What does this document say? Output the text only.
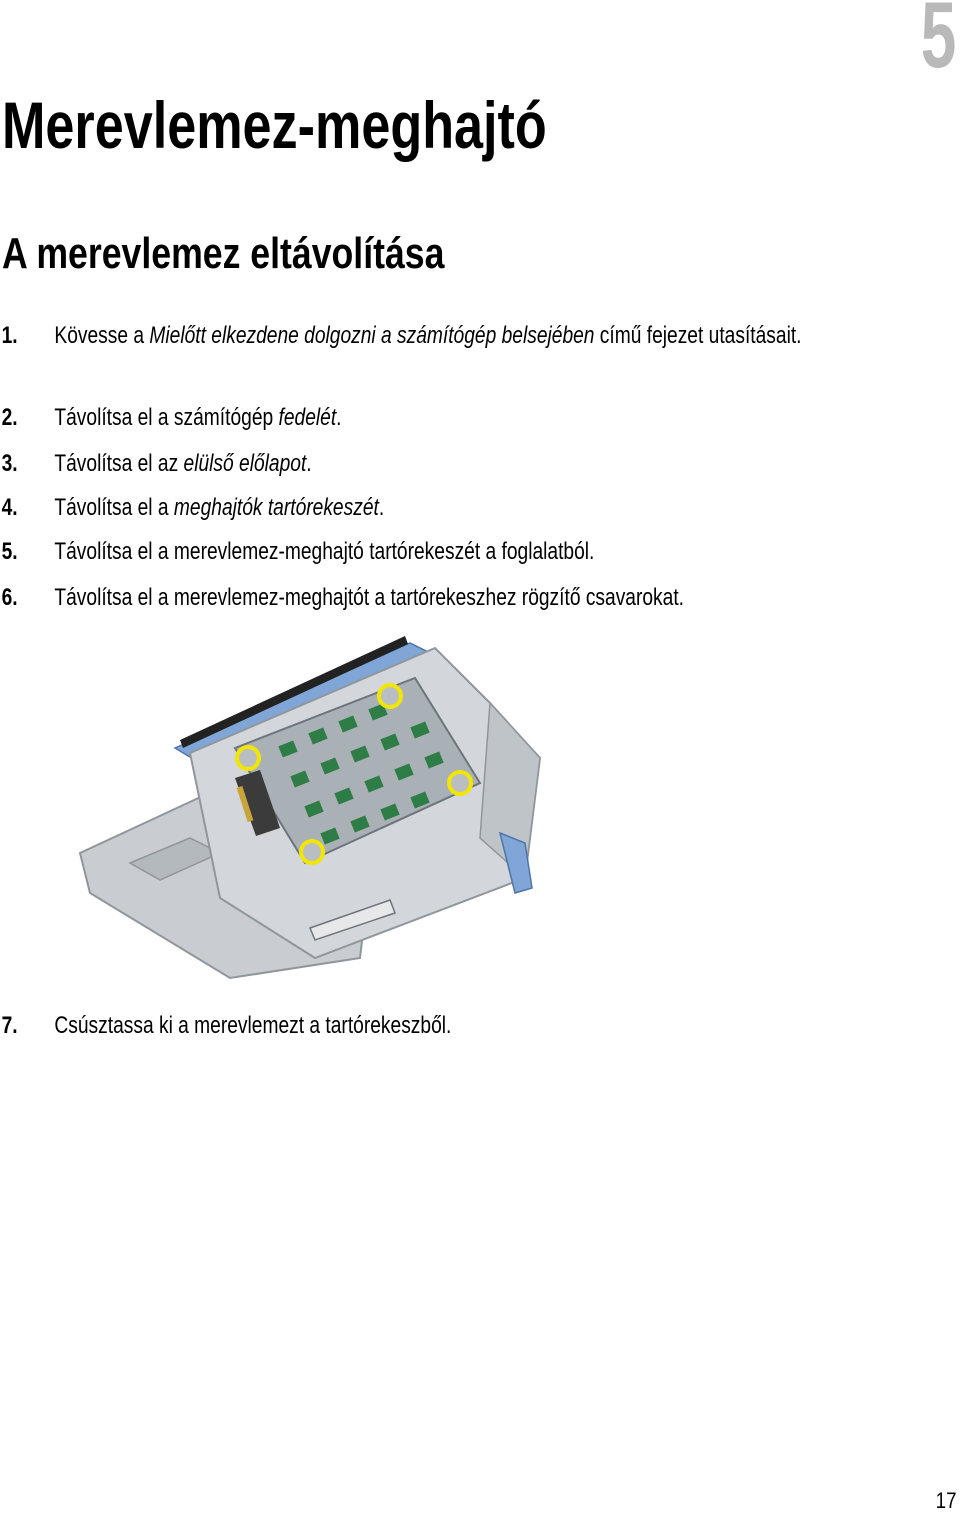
5
Merevlemez-meghajtó
A merevlemez eltávolítása
1. Kövesse a Mielőtt elkezdene dolgozni a számítógép belsejében című fejezet utasításait.
2. Távolítsa el a számítógép fedelét.
3. Távolítsa el az elülső előlapot.
4. Távolítsa el a meghajtók tartórekeszét.
5. Távolítsa el a merevlemez-meghajtó tartórekeszét a foglalatból.
6. Távolítsa el a merevlemez-meghajtót a tartórekeszhez rögzítő csavarokat.
7. Csúsztassa ki a merevlemezt a tartórekeszből.
17
